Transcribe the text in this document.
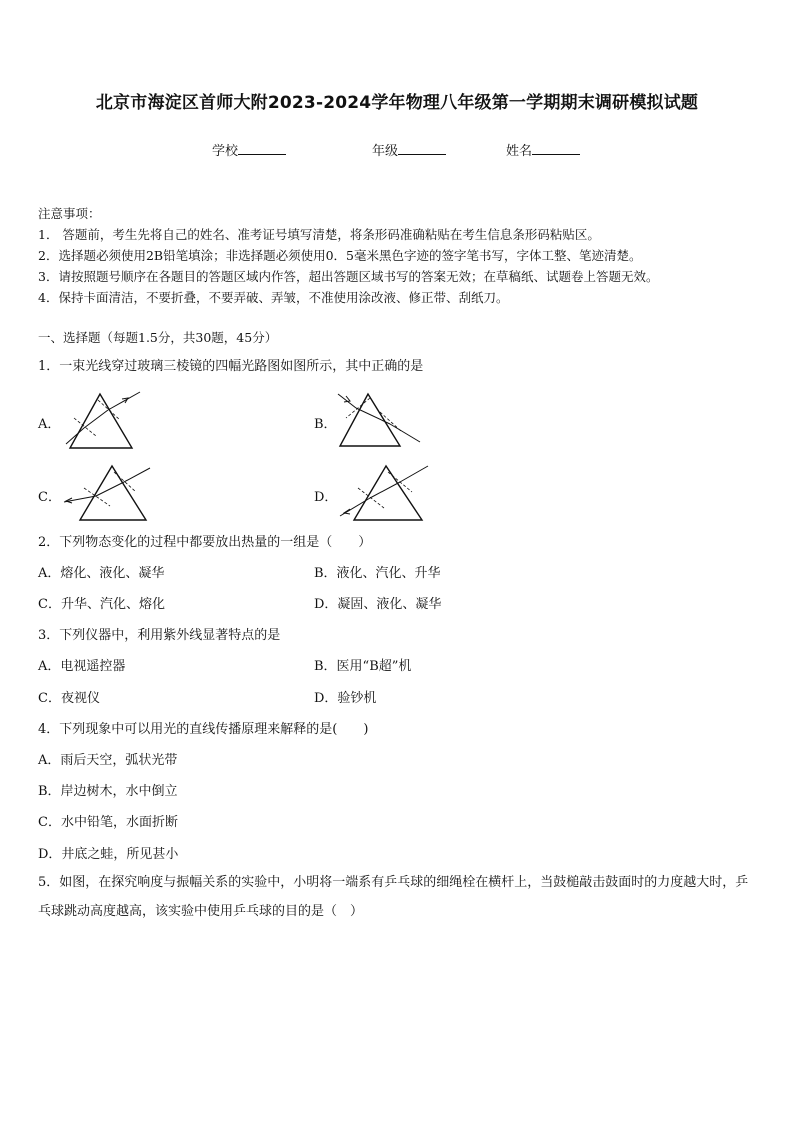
北京市海淀区首师大附2023-2024学年物理八年级第一学期期末调研模拟试题
学校	年级	姓名
注意事项：
1． 答题前，考生先将自己的姓名、准考证号填写清楚，将条形码准确粘贴在考生信息条形码粘贴区。
2．选择题必须使用2B铅笔填涂；非选择题必须使用0．5毫米黑色字迹的签字笔书写，字体工整、笔迹清楚。
3．请按照题号顺序在各题目的答题区域内作答，超出答题区域书写的答案无效；在草稿纸、试题卷上答题无效。
4．保持卡面清洁，不要折叠，不要弄破、弄皱，不准使用涂改液、修正带、刮纸刀。
一、选择题（每题1.5分，共30题，45分）
1．一束光线穿过玻璃三棱镜的四幅光路图如图所示，其中正确的是
A．	B．
C．	D．
2．下列物态变化的过程中都要放出热量的一组是（　　）
A．熔化、液化、凝华	B．液化、汽化、升华
C．升华、汽化、熔化	D．凝固、液化、凝华
3．下列仪器中，利用紫外线显著特点的是
A．电视遥控器	B．医用“B超”机
C．夜视仪	D．验钞机
4．下列现象中可以用光的直线传播原理来解释的是(　　)
A．雨后天空，弧状光带
B．岸边树木，水中倒立
C．水中铅笔，水面折断
D．井底之蛙，所见甚小
5．如图，在探究响度与振幅关系的实验中，小明将一端系有乒乓球的细绳栓在横杆上，当鼓槌敲击鼓面时的力度越大时，乒乓球跳动高度越高，该实验中使用乒乓球的目的是（　）
